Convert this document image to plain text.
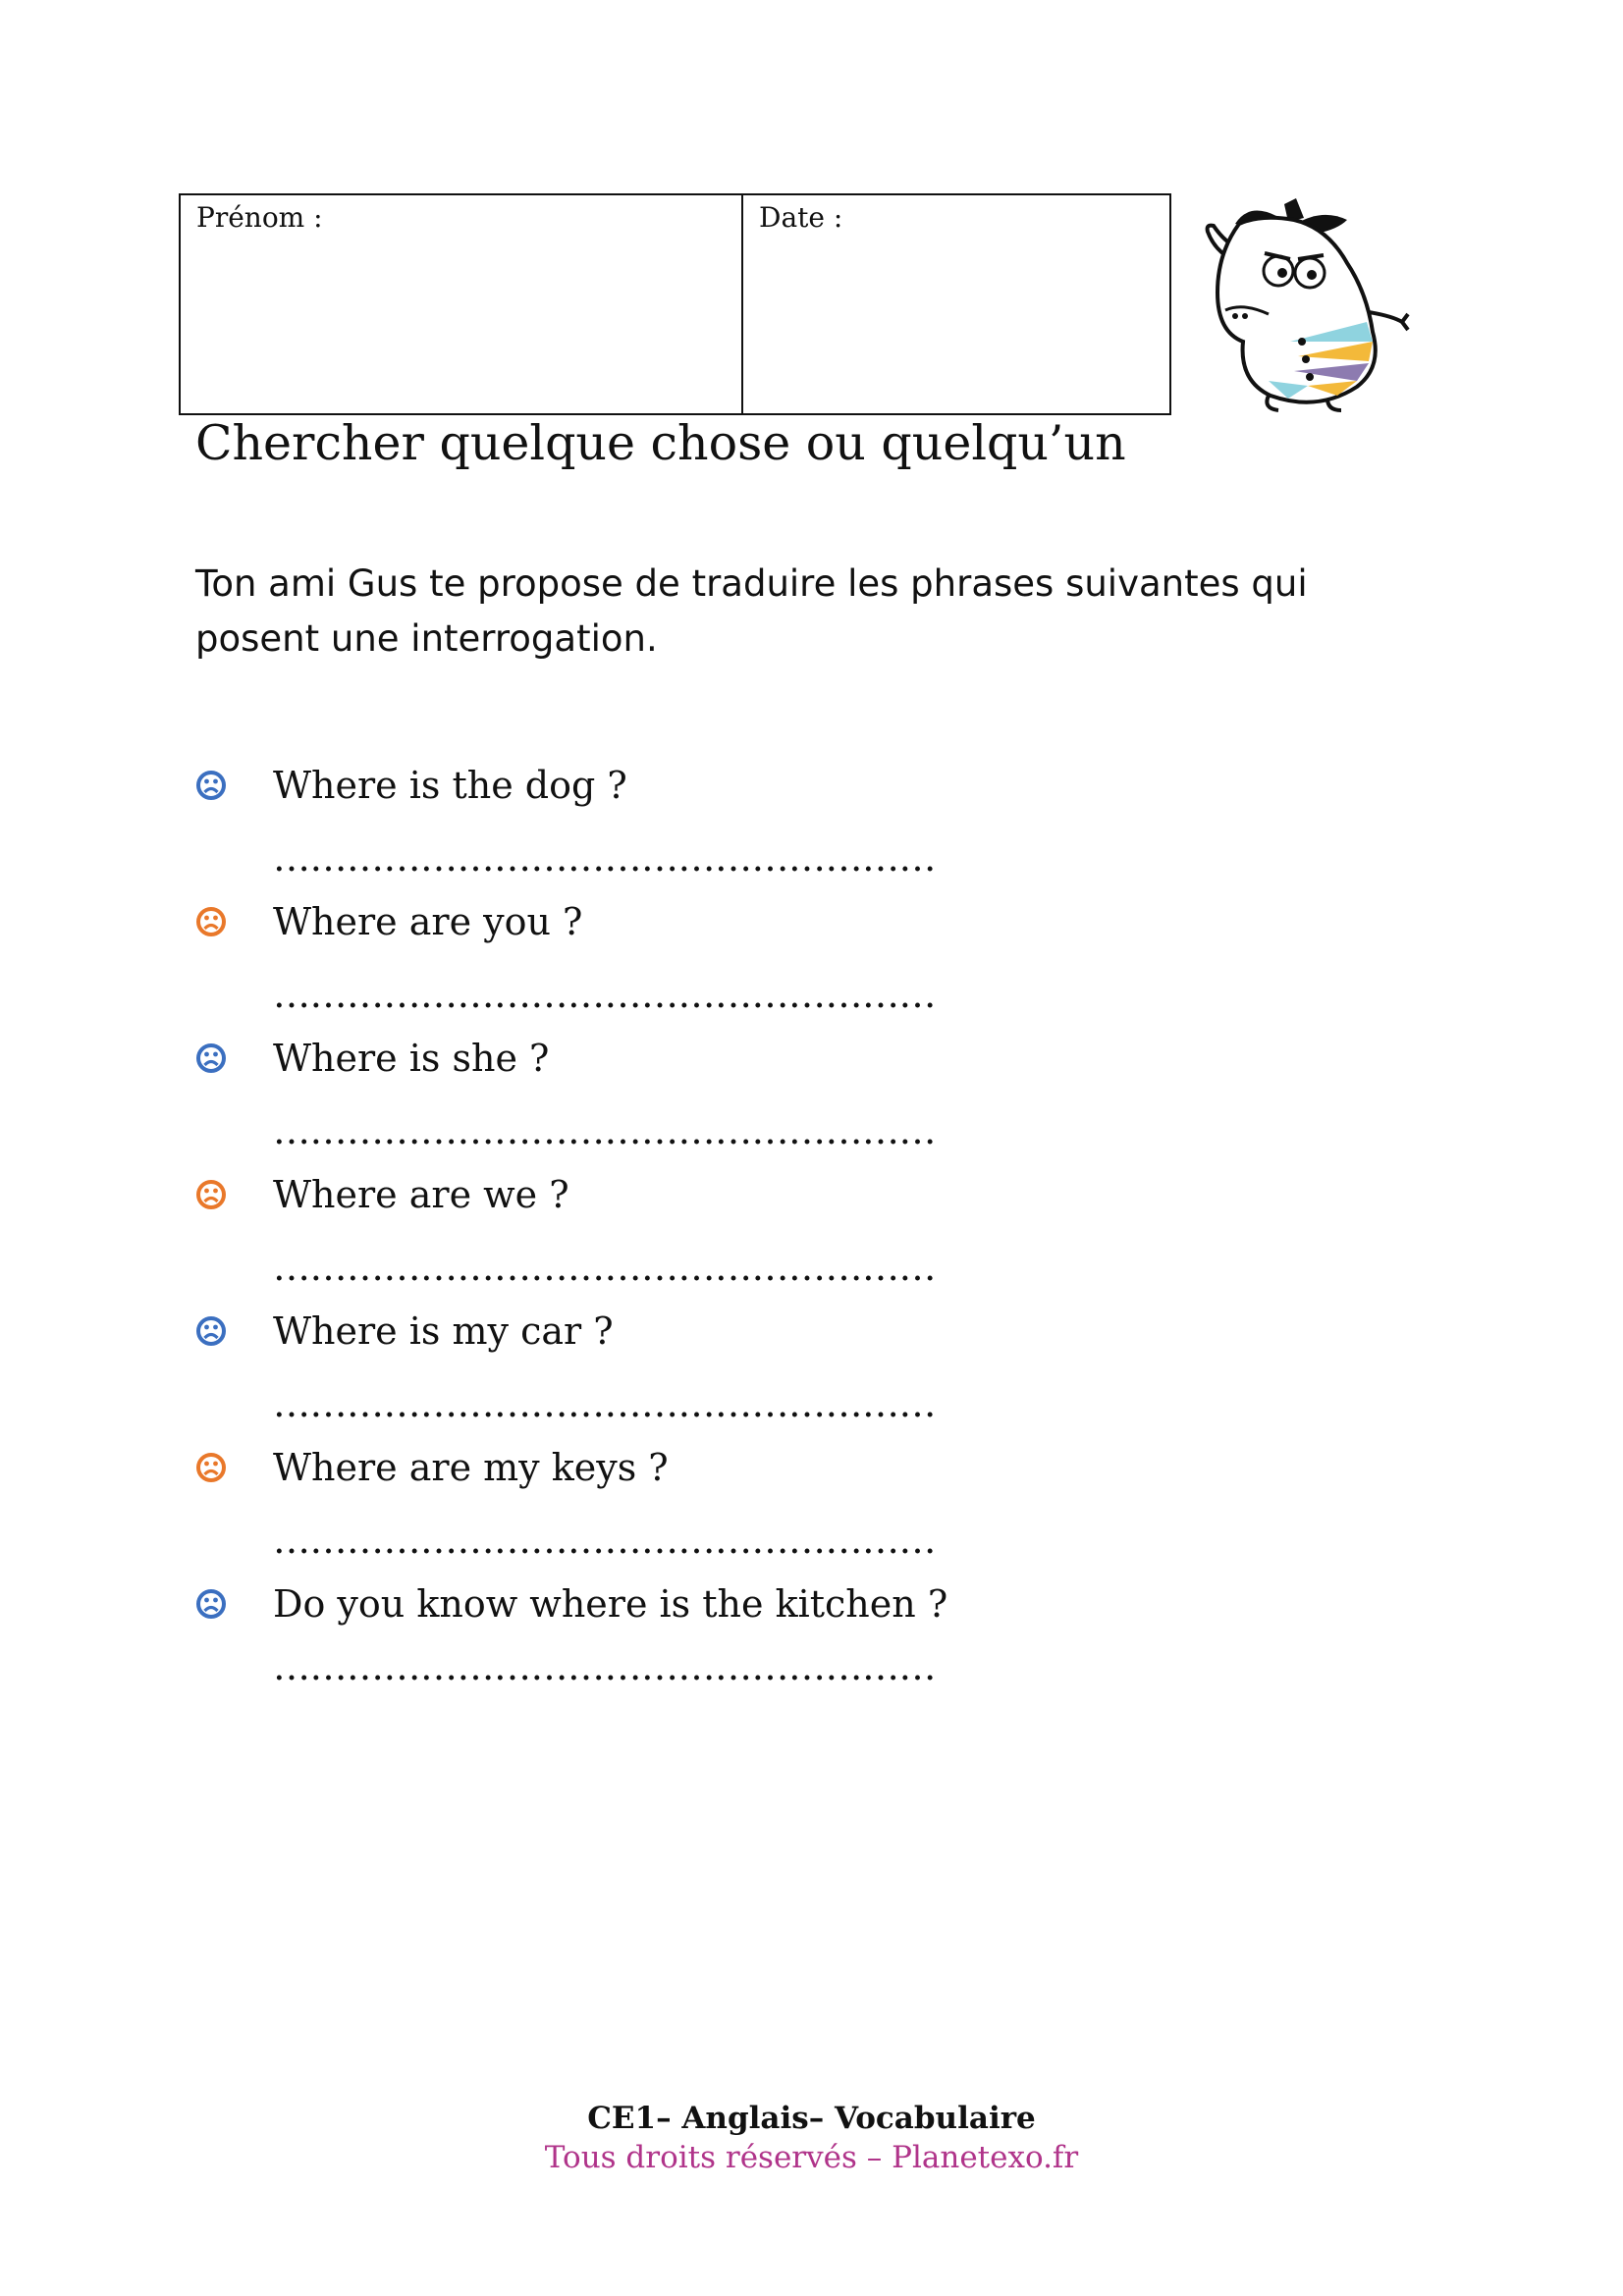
Prénom :	Date :
Chercher quelque chose ou quelqu’un

Ton ami Gus te propose de traduire les phrases suivantes qui posent une interrogation.

Where is the dog ?
………………………………………………
Where are you ?
………………………………………………
Where is she ?
………………………………………………
Where are we ?
………………………………………………
Where is my car ?
………………………………………………
Where are my keys ?
………………………………………………
Do you know where is the kitchen ?
………………………………………………
CE1– Anglais– Vocabulaire
Tous droits réservés – Planetexo.fr
